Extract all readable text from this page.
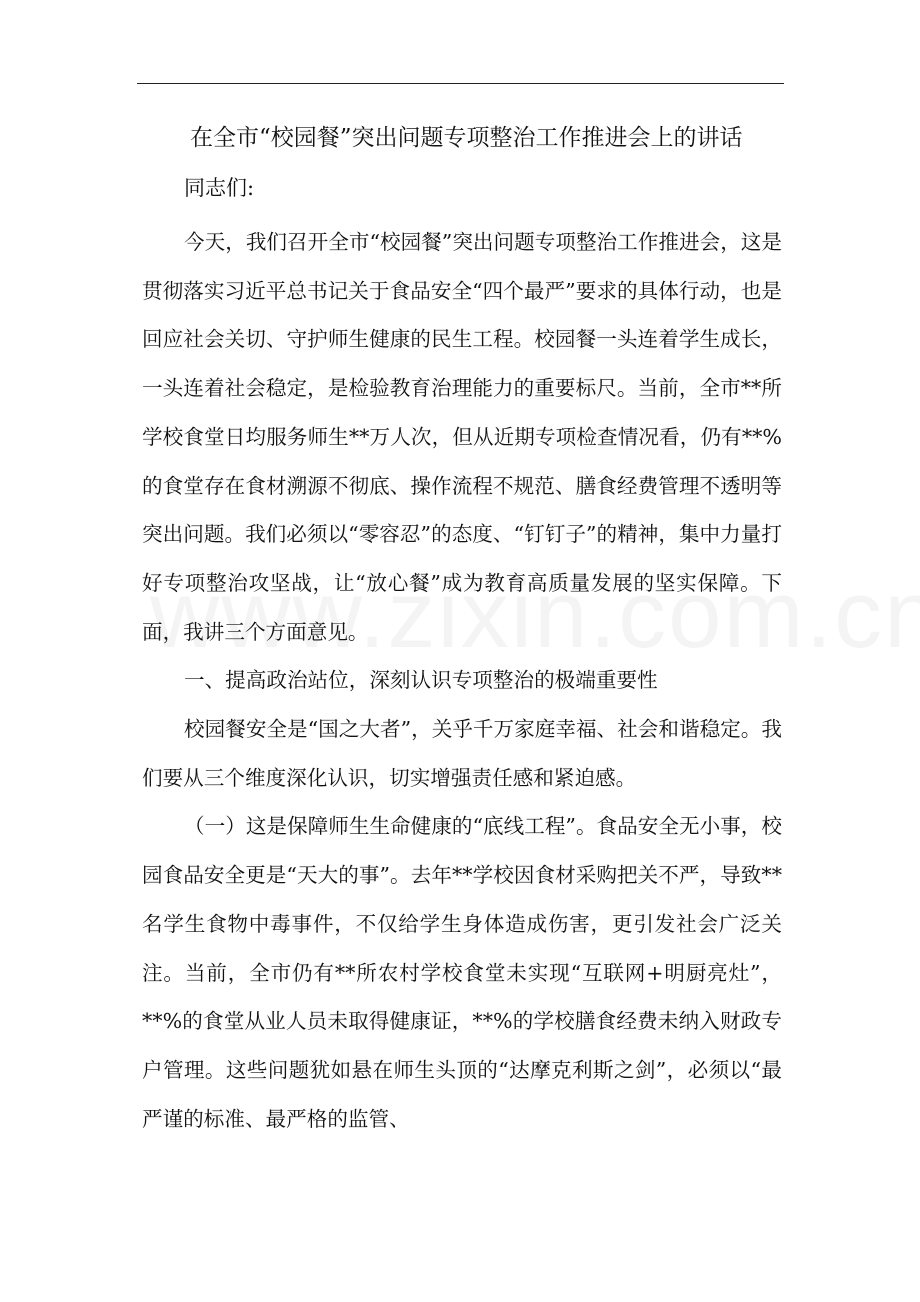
在全市“校园餐”突出问题专项整治工作推进会上的讲话

同志们:

今天，我们召开全市“校园餐”突出问题专项整治工作推进会，这是贯彻落实习近平总书记关于食品安全“四个最严”要求的具体行动，也是回应社会关切、守护师生健康的民生工程。校园餐一头连着学生成长，一头连着社会稳定，是检验教育治理能力的重要标尺。当前，全市**所学校食堂日均服务师生**万人次，但从近期专项检查情况看，仍有**%的食堂存在食材溯源不彻底、操作流程不规范、膳食经费管理不透明等突出问题。我们必须以“零容忍”的态度、“钉钉子”的精神，集中力量打好专项整治攻坚战，让“放心餐”成为教育高质量发展的坚实保障。下面，我讲三个方面意见。

一、提高政治站位，深刻认识专项整治的极端重要性

校园餐安全是“国之大者”，关乎千万家庭幸福、社会和谐稳定。我们要从三个维度深化认识，切实增强责任感和紧迫感。

（一）这是保障师生生命健康的“底线工程”。食品安全无小事，校园食品安全更是“天大的事”。去年**学校因食材采购把关不严，导致**名学生食物中毒事件，不仅给学生身体造成伤害，更引发社会广泛关注。当前，全市仍有**所农村学校食堂未实现“互联网+明厨亮灶”，**%的食堂从业人员未取得健康证，**%的学校膳食经费未纳入财政专户管理。这些问题犹如悬在师生头顶的“达摩克利斯之剑”，必须以“最严谨的标准、最严格的监管、
